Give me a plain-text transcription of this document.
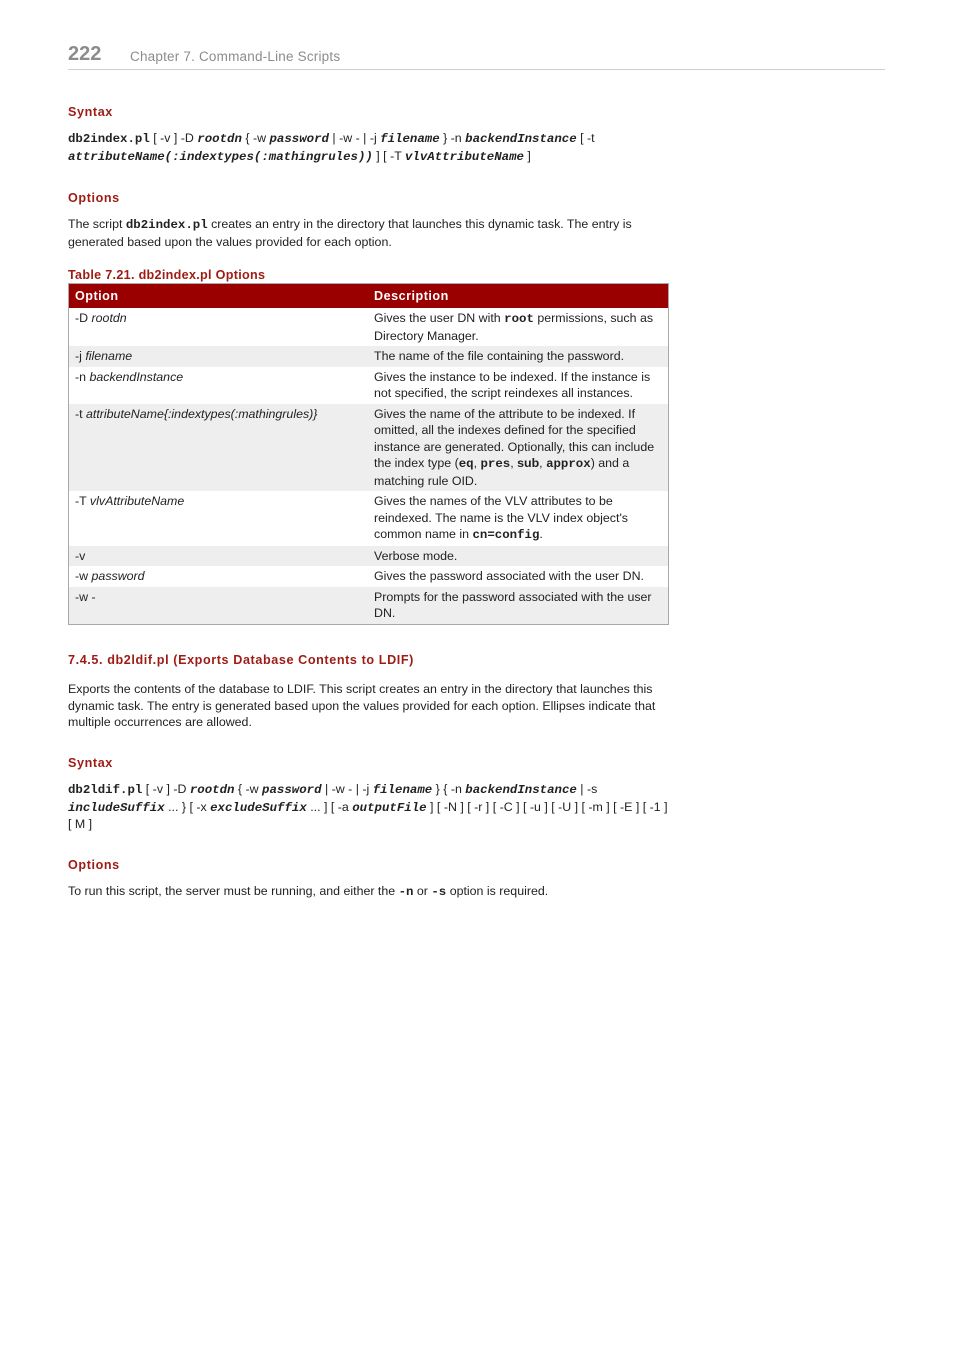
222 Chapter 7. Command-Line Scripts
Syntax
db2index.pl [ -v ] -D rootdn { -w password | -w - | -j filename } -n backendInstance [ -t attributeName(:indextypes(:mathingrules)) ] [ -T vlvAttributeName ]
Options
The script db2index.pl creates an entry in the directory that launches this dynamic task. The entry is generated based upon the values provided for each option.
Table 7.21. db2index.pl Options
Option	Description
-D rootdn	Gives the user DN with root permissions, such as Directory Manager.
-j filename	The name of the file containing the password.
-n backendInstance	Gives the instance to be indexed. If the instance is not specified, the script reindexes all instances.
-t attributeName{:indextypes(:mathingrules)}	Gives the name of the attribute to be indexed. If omitted, all the indexes defined for the specified instance are generated. Optionally, this can include the index type (eq, pres, sub, approx) and a matching rule OID.
-T vlvAttributeName	Gives the names of the VLV attributes to be reindexed. The name is the VLV index object's common name in cn=config.
-v	Verbose mode.
-w password	Gives the password associated with the user DN.
-w -	Prompts for the password associated with the user DN.
7.4.5. db2ldif.pl (Exports Database Contents to LDIF)
Exports the contents of the database to LDIF. This script creates an entry in the directory that launches this dynamic task. The entry is generated based upon the values provided for each option. Ellipses indicate that multiple occurrences are allowed.
Syntax
db2ldif.pl [ -v ] -D rootdn { -w password | -w - | -j filename } { -n backendInstance | -s includeSuffix ... } [ -x excludeSuffix ... ] [ -a outputFile ] [ -N ] [ -r ] [ -C ] [ -u ] [ -U ] [ -m ] [ -E ] [ -1 ] [ M ]
Options
To run this script, the server must be running, and either the -n or -s option is required.
